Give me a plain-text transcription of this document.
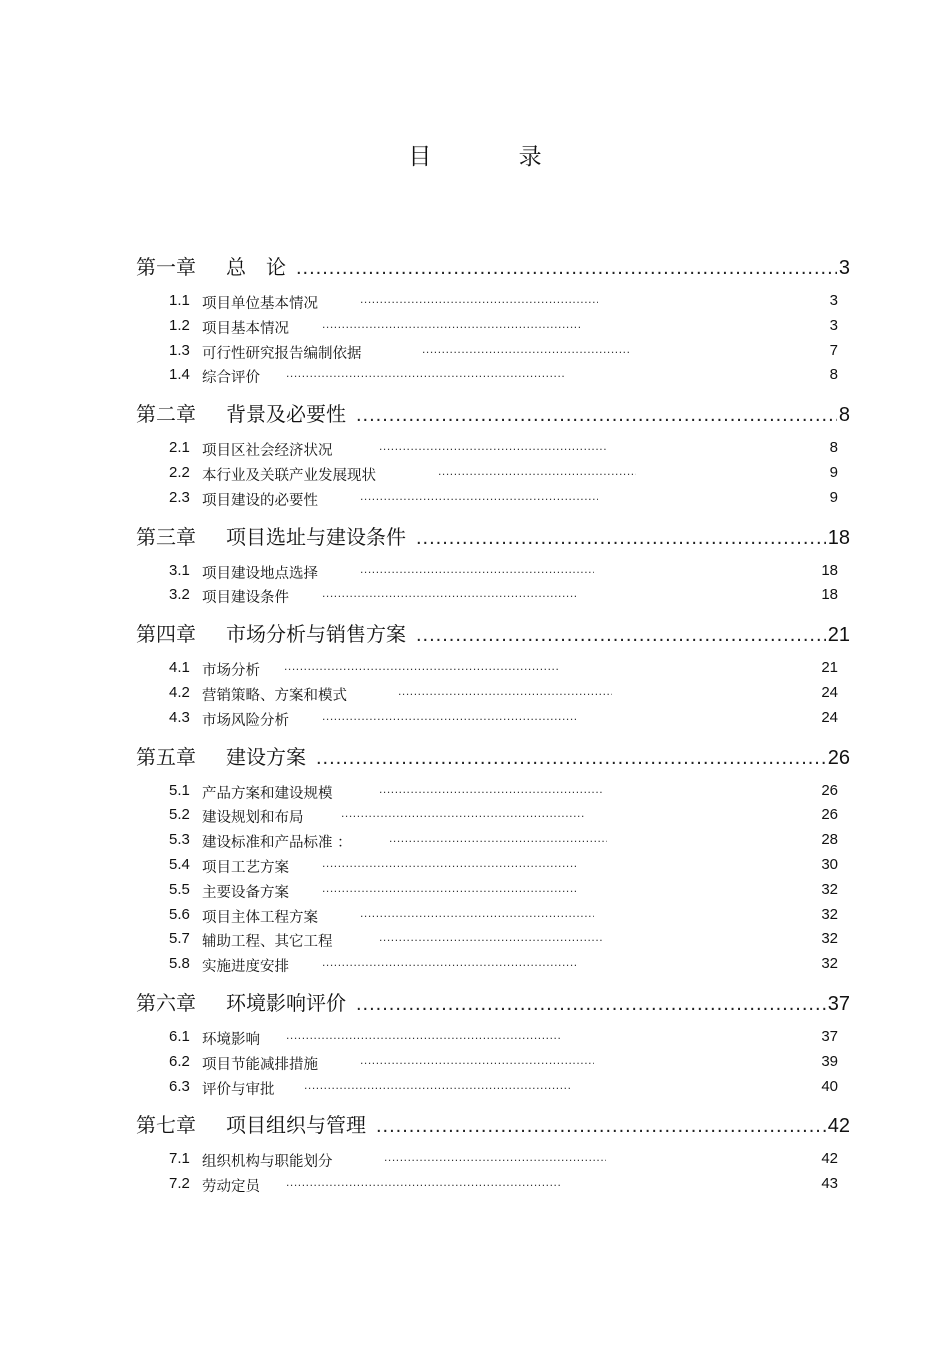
目 录
第一章 总　论 .....	3
1.1 项目单位基本情况 .....	3
1.2 项目基本情况 .....	3
1.3 可行性研究报告编制依据 .....	7
1.4 综合评价 .....	8
第二章 背景及必要性 .....	8
2.1 项目区社会经济状况 .....	8
2.2 本行业及关联产业发展现状 .....	9
2.3 项目建设的必要性 .....	9
第三章 项目选址与建设条件 .....	18
3.1 项目建设地点选择 .....	18
3.2 项目建设条件 .....	18
第四章 市场分析与销售方案 .....	21
4.1 市场分析 .....	21
4.2 营销策略、方案和模式 .....	24
4.3 市场风险分析 .....	24
第五章 建设方案 .....	26
5.1 产品方案和建设规模 .....	26
5.2 建设规划和布局 .....	26
5.3 建设标准和产品标准 ： .....	28
5.4 项目工艺方案 .....	30
5.5 主要设备方案 .....	32
5.6 项目主体工程方案 .....	32
5.7 辅助工程、其它工程 .....	32
5.8 实施进度安排 .....	32
第六章 环境影响评价 .....	37
6.1 环境影响 .....	37
6.2 项目节能减排措施 .....	39
6.3 评价与审批 .....	40
第七章 项目组织与管理 .....	42
7.1 组织机构与职能划分 .....	42
7.2 劳动定员 .....	43
